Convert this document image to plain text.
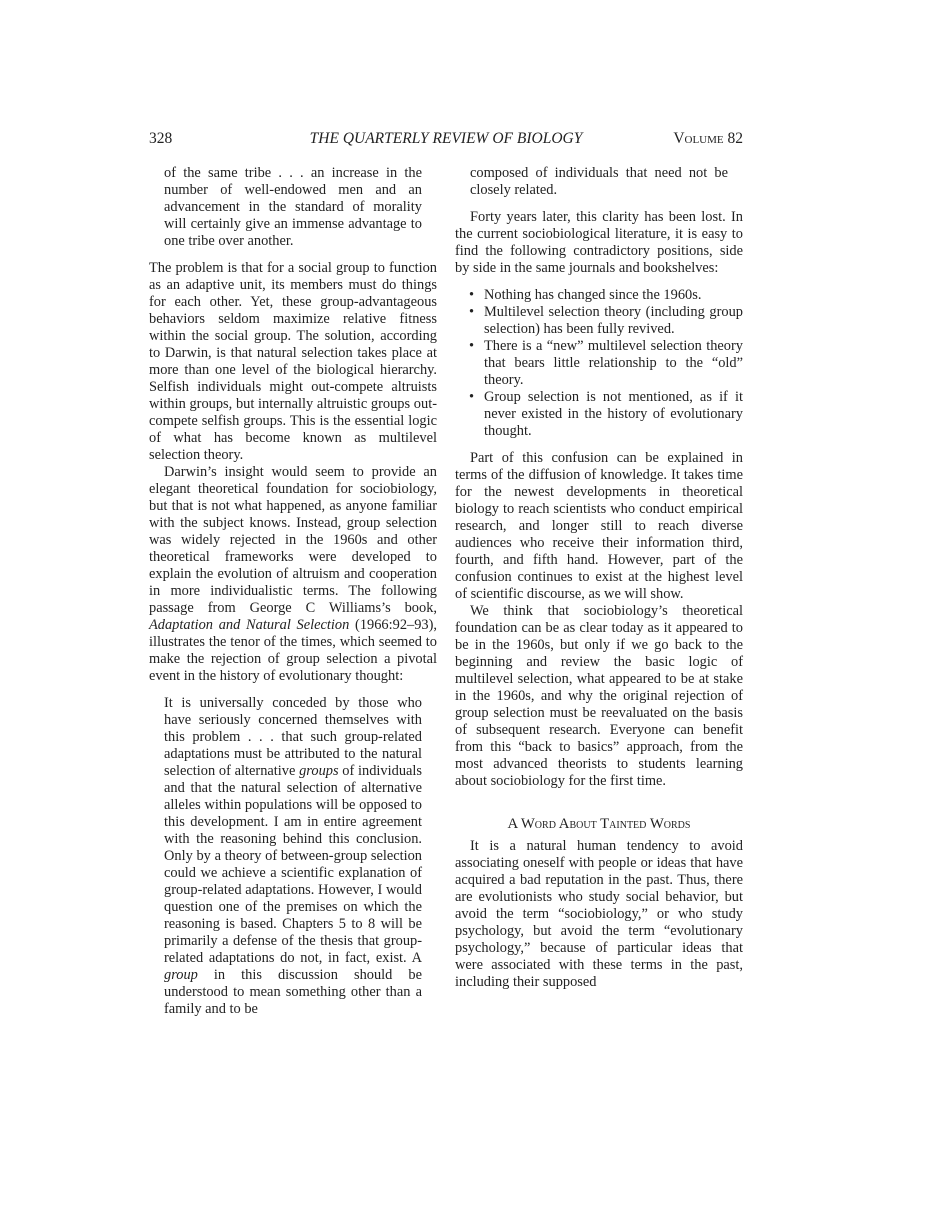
328	THE QUARTERLY REVIEW OF BIOLOGY	Volume 82

of the same tribe . . . an increase in the number of well-endowed men and an advancement in the standard of morality will certainly give an immense advantage to one tribe over another.

The problem is that for a social group to function as an adaptive unit, its members must do things for each other. Yet, these group-advantageous behaviors seldom maximize relative fitness within the social group. The solution, according to Darwin, is that natural selection takes place at more than one level of the biological hierarchy. Selfish individuals might out-compete altruists within groups, but internally altruistic groups out-compete selfish groups. This is the essential logic of what has become known as multilevel selection theory.

Darwin’s insight would seem to provide an elegant theoretical foundation for sociobiology, but that is not what happened, as anyone familiar with the subject knows. Instead, group selection was widely rejected in the 1960s and other theoretical frameworks were developed to explain the evolution of altruism and cooperation in more individualistic terms. The following passage from George C Williams’s book, Adaptation and Natural Selection (1966:92–93), illustrates the tenor of the times, which seemed to make the rejection of group selection a pivotal event in the history of evolutionary thought:

It is universally conceded by those who have seriously concerned themselves with this problem . . . that such group-related adaptations must be attributed to the natural selection of alternative groups of individuals and that the natural selection of alternative alleles within populations will be opposed to this development. I am in entire agreement with the reasoning behind this conclusion. Only by a theory of between-group selection could we achieve a scientific explanation of group-related adaptations. However, I would question one of the premises on which the reasoning is based. Chapters 5 to 8 will be primarily a defense of the thesis that group-related adaptations do not, in fact, exist. A group in this discussion should be understood to mean something other than a family and to be

composed of individuals that need not be closely related.

Forty years later, this clarity has been lost. In the current sociobiological literature, it is easy to find the following contradictory positions, side by side in the same journals and bookshelves:

• Nothing has changed since the 1960s.
• Multilevel selection theory (including group selection) has been fully revived.
• There is a “new” multilevel selection theory that bears little relationship to the “old” theory.
• Group selection is not mentioned, as if it never existed in the history of evolutionary thought.

Part of this confusion can be explained in terms of the diffusion of knowledge. It takes time for the newest developments in theoretical biology to reach scientists who conduct empirical research, and longer still to reach diverse audiences who receive their information third, fourth, and fifth hand. However, part of the confusion continues to exist at the highest level of scientific discourse, as we will show.

We think that sociobiology’s theoretical foundation can be as clear today as it appeared to be in the 1960s, but only if we go back to the beginning and review the basic logic of multilevel selection, what appeared to be at stake in the 1960s, and why the original rejection of group selection must be reevaluated on the basis of subsequent research. Everyone can benefit from this “back to basics” approach, from the most advanced theorists to students learning about sociobiology for the first time.

A Word About Tainted Words

It is a natural human tendency to avoid associating oneself with people or ideas that have acquired a bad reputation in the past. Thus, there are evolutionists who study social behavior, but avoid the term “sociobiology,” or who study psychology, but avoid the term “evolutionary psychology,” because of particular ideas that were associated with these terms in the past, including their supposed
